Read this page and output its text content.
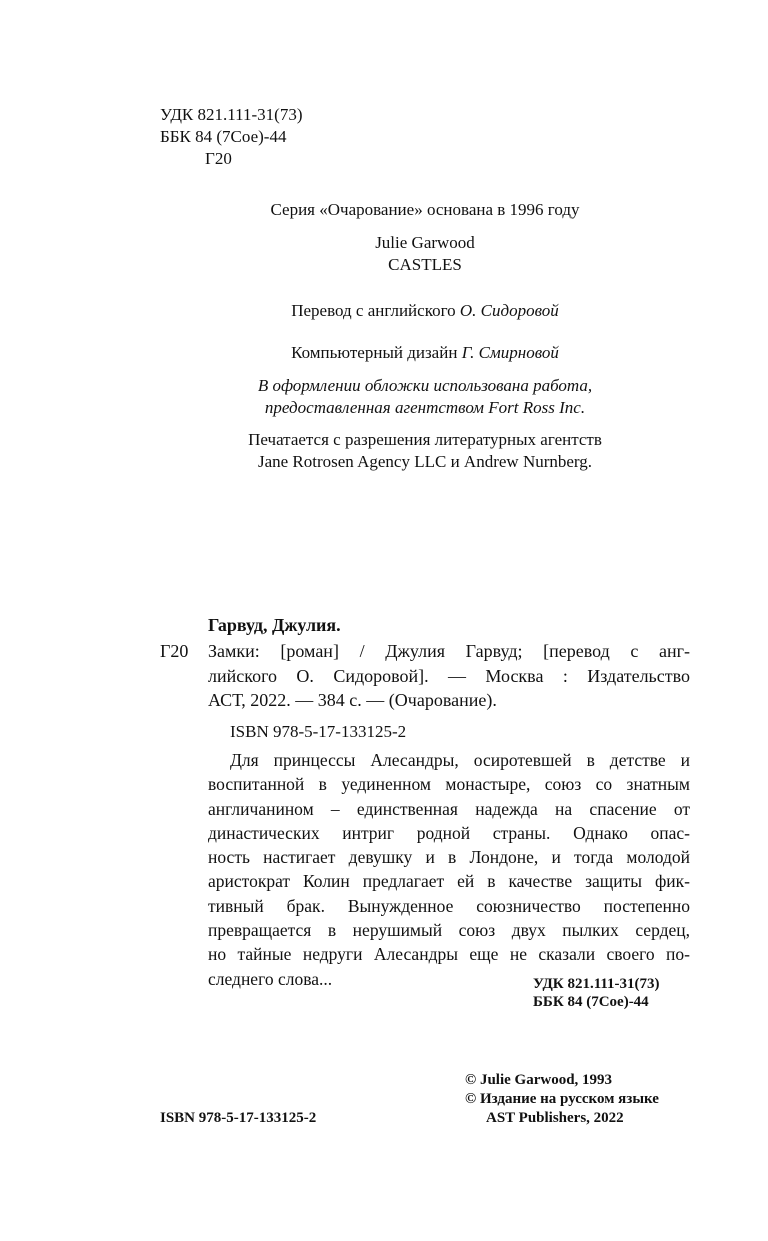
УДК 821.111-31(73)
ББК 84 (7Сое)-44
Г20
Серия «Очарование» основана в 1996 году
Julie Garwood
CASTLES
Перевод с английского О. Сидоровой
Компьютерный дизайн Г. Смирновой
В оформлении обложки использована работа,
предоставленная агентством Fort Ross Inc.
Печатается с разрешения литературных агентств
Jane Rotrosen Agency LLC и Andrew Nurnberg.
Гарвуд, Джулия.
Г20 Замки: [роман] / Джулия Гарвуд; [перевод с анг-
лийского О. Сидоровой]. — Москва : Издательство
АСТ, 2022. — 384 с. — (Очарование).
ISBN 978-5-17-133125-2
Для принцессы Алесандры, осиротевшей в детстве и
воспитанной в уединенном монастыре, союз со знатным
англичанином – единственная надежда на спасение от
династических интриг родной страны. Однако опас-
ность настигает девушку и в Лондоне, и тогда молодой
аристократ Колин предлагает ей в качестве защиты фик-
тивный брак. Вынужденное союзничество постепенно
превращается в нерушимый союз двух пылких сердец,
но тайные недруги Алесандры еще не сказали своего по-
следнего слова...	УДК 821.111-31(73)
ББК 84 (7Сое)-44
© Julie Garwood, 1993
© Издание на русском языке
AST Publishers, 2022
ISBN 978-5-17-133125-2
